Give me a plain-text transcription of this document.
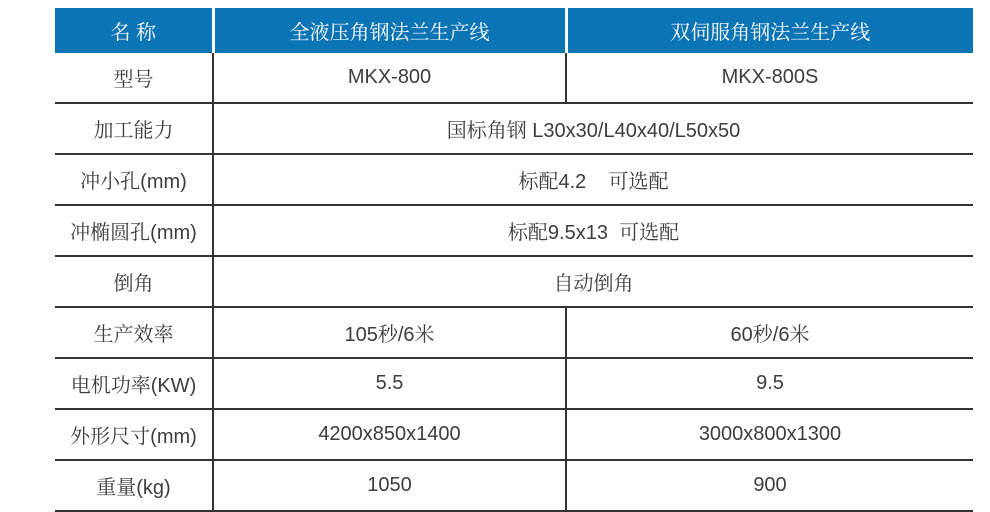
名 称	全液压角钢法兰生产线	双伺服角钢法兰生产线
型号	MKX-800	MKX-800S
加工能力	国标角钢 L30x30/L40x40/L50x50	
冲小孔(mm)	标配4.2    可选配	
冲椭圆孔(mm)	标配9.5x13  可选配	
倒角	自动倒角	
生产效率	105秒/6米	60秒/6米
电机功率(KW)	5.5	9.5
外形尺寸(mm)	4200x850x1400	3000x800x1300
重量(kg)	1050	900
